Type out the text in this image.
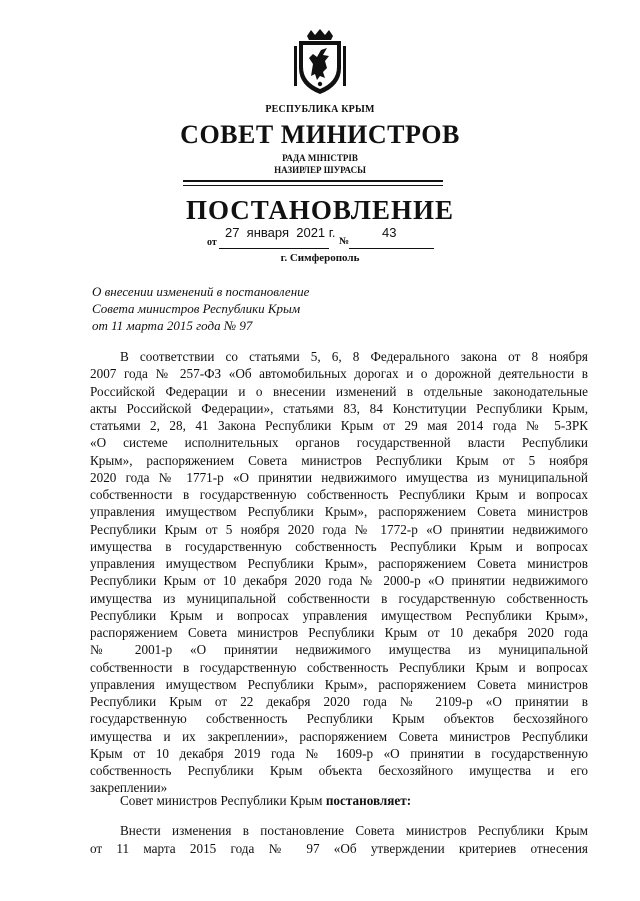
РЕСПУБЛИКА КРЫМ
СОВЕТ МИНИСТРОВ
РАДА МІНІСТРІВ
НАЗИРЛЕР ШУРАСЫ
ПОСТАНОВЛЕНИЕ
от
27  января  2021 г.
№
43
г. Симферополь
О внесении изменений в постановление
Совета министров Республики Крым
от 11 марта 2015 года № 97

В соответствии со статьями 5, 6, 8 Федерального закона от 8 ноября
2007 года № 257-ФЗ «Об автомобильных дорогах и о дорожной деятельности в
Российской Федерации и о внесении изменений в отдельные законодательные
акты Российской Федерации», статьями 83, 84 Конституции Республики Крым,
статьями 2, 28, 41 Закона Республики Крым от 29 мая 2014 года № 5-ЗРК
«О системе исполнительных органов государственной власти Республики
Крым», распоряжением Совета министров Республики Крым от 5 ноября
2020 года № 1771-р «О принятии недвижимого имущества из муниципальной
собственности в государственную собственность Республики Крым и вопросах
управления имуществом Республики Крым», распоряжением Совета министров
Республики Крым от 5 ноября 2020 года № 1772-р «О принятии недвижимого
имущества в государственную собственность Республики Крым и вопросах
управления имуществом Республики Крым», распоряжением Совета министров
Республики Крым от 10 декабря 2020 года № 2000-р «О принятии недвижимого
имущества из муниципальной собственности в государственную собственность
Республики Крым и вопросах управления имуществом Республики Крым»,
распоряжением Совета министров Республики Крым от 10 декабря 2020 года
№ 2001-р «О принятии недвижимого имущества из муниципальной
собственности в государственную собственность Республики Крым и вопросах
управления имуществом Республики Крым», распоряжением Совета министров
Республики Крым от 22 декабря 2020 года № 2109-р «О принятии в
государственную собственность Республики Крым объектов бесхозяйного
имущества и их закреплении», распоряжением Совета министров Республики
Крым от 10 декабря 2019 года № 1609-р «О принятии в государственную
собственность Республики Крым объекта бесхозяйного имущества и его
закреплении»

Совет министров Республики Крым постановляет:

Внести изменения в постановление Совета министров Республики Крым
от 11 марта 2015 года № 97 «Об утверждении критериев отнесения
